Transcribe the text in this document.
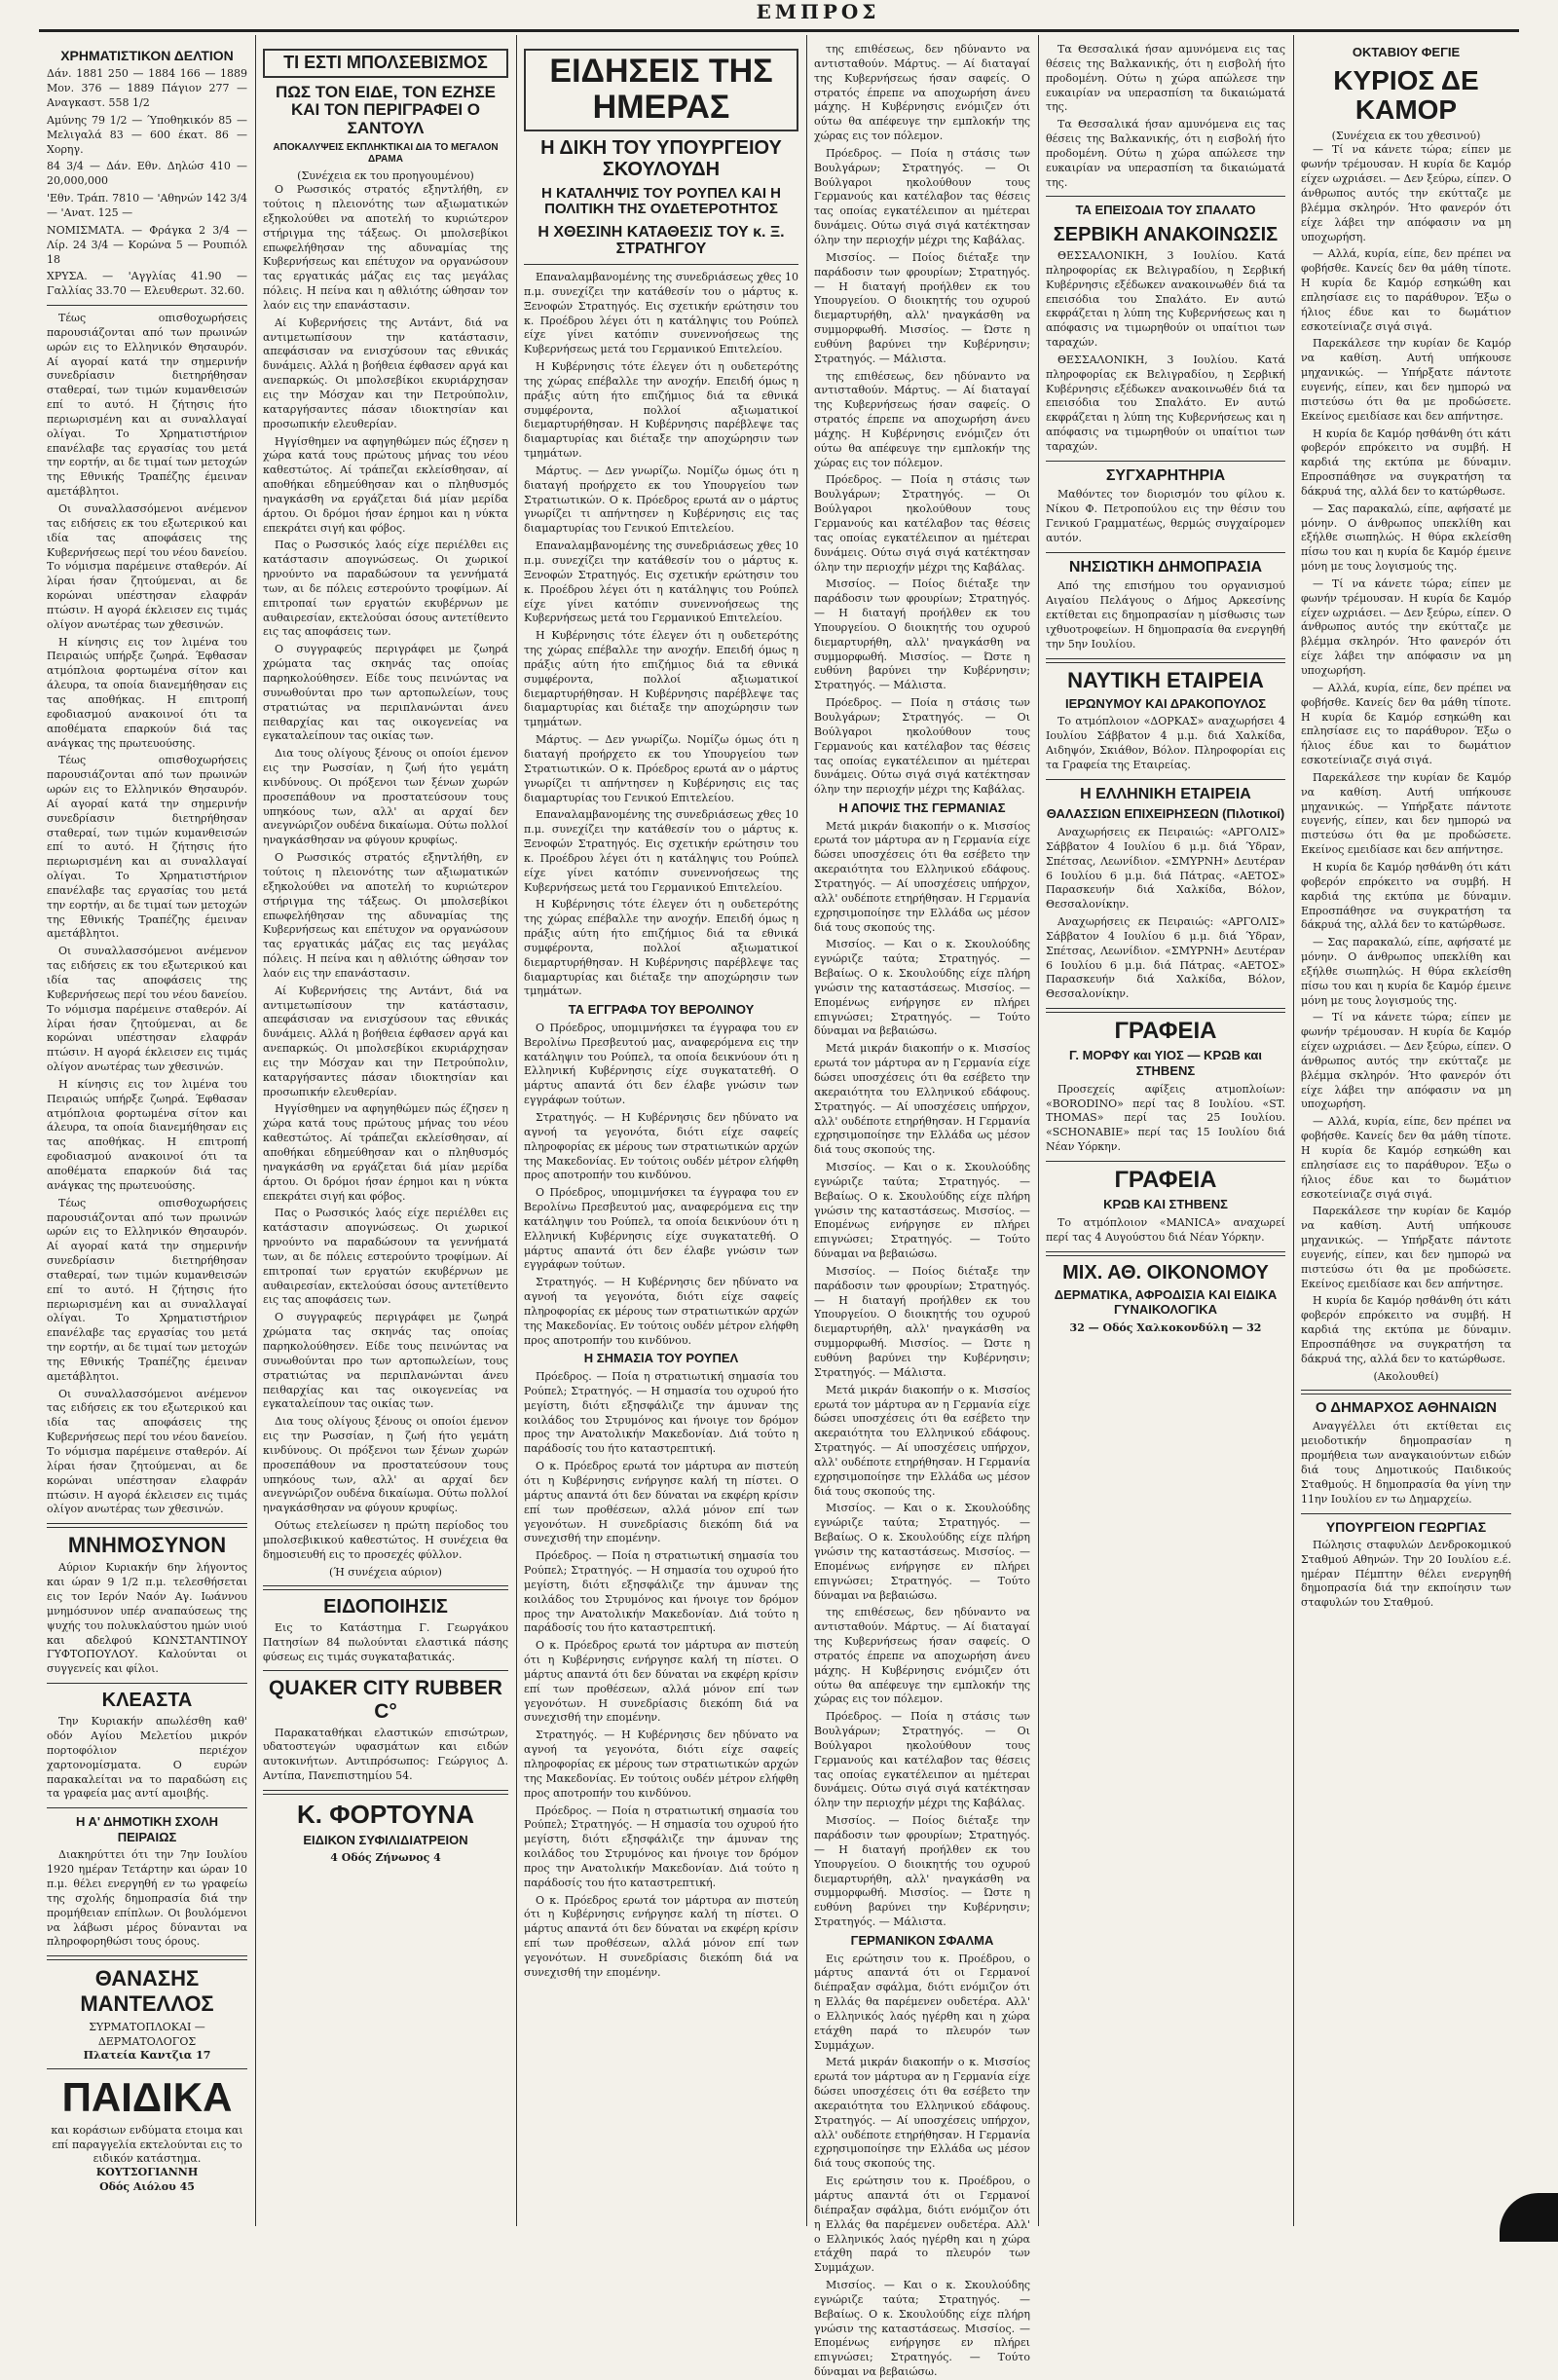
ΕΜΠΡΟΣ

ΧΡΗΜΑΤΙΣΤΙΚΟΝ ΔΕΛΤΙΟΝ

Δάν. 1881 250 — 1884 166 — 1889 Μον. 376 — 1889 Πάγιον 277 — Αναγκαστ. 558 1/2

Αμύνης 79 1/2 — Ύποθηκικόν 85 — Μελιγαλά 83 — 600 έκατ. 86 — Χορηγ.

84 3/4 — Δάν. Εθν. Δηλώσ 410 — 20,000,000

'Εθν. Τράπ. 7810 — 'Αθηνών 142 3/4 — 'Ανατ. 125 —

ΝΟΜΙΣΜΑΤΑ. — Φράγκα 2 3/4 — Λίρ. 24 3/4 — Κορώνα 5 — Ρουπιόλ 18

ΧΡΥΣΑ. — 'Αγγλίας 41.90 — Γαλλίας 33.70 — Ελευθερωτ. 32.60.

Τέως οπισθοχωρήσεις παρουσιάζονται από των πρωινών ωρών εις το Ελληνικόν Θησαυρόν. Αί αγοραί κατά την σημερινήν συνεδρίασιν διετηρήθησαν σταθεραί, των τιμών κυμανθεισών επί το αυτό. Η ζήτησις ήτο περιωρισμένη και αι συναλλαγαί ολίγαι. Το Χρηματιστήριον επανέλαβε τας εργασίας του μετά την εορτήν, αι δε τιμαί των μετοχών της Εθνικής Τραπέζης έμειναν αμετάβλητοι.

Οι συναλλασσόμενοι ανέμενον τας ειδήσεις εκ του εξωτερικού και ιδία τας αποφάσεις της Κυβερνήσεως περί του νέου δανείου. Το νόμισμα παρέμεινε σταθερόν. Αί λίραι ήσαν ζητούμεναι, αι δε κορώναι υπέστησαν ελαφράν πτώσιν. Η αγορά έκλεισεν εις τιμάς ολίγον ανωτέρας των χθεσινών.

Η κίνησις εις τον λιμένα του Πειραιώς υπήρξε ζωηρά. Έφθασαν ατμόπλοια φορτωμένα σίτον και άλευρα, τα οποία διανεμήθησαν εις τας αποθήκας. Η επιτροπή εφοδιασμού ανακοινοί ότι τα αποθέματα επαρκούν διά τας ανάγκας της πρωτευούσης.

Τέως οπισθοχωρήσεις παρουσιάζονται από των πρωινών ωρών εις το Ελληνικόν Θησαυρόν. Αί αγοραί κατά την σημερινήν συνεδρίασιν διετηρήθησαν σταθεραί, των τιμών κυμανθεισών επί το αυτό. Η ζήτησις ήτο περιωρισμένη και αι συναλλαγαί ολίγαι. Το Χρηματιστήριον επανέλαβε τας εργασίας του μετά την εορτήν, αι δε τιμαί των μετοχών της Εθνικής Τραπέζης έμειναν αμετάβλητοι.

Οι συναλλασσόμενοι ανέμενον τας ειδήσεις εκ του εξωτερικού και ιδία τας αποφάσεις της Κυβερνήσεως περί του νέου δανείου. Το νόμισμα παρέμεινε σταθερόν. Αί λίραι ήσαν ζητούμεναι, αι δε κορώναι υπέστησαν ελαφράν πτώσιν. Η αγορά έκλεισεν εις τιμάς ολίγον ανωτέρας των χθεσινών.

Η κίνησις εις τον λιμένα του Πειραιώς υπήρξε ζωηρά. Έφθασαν ατμόπλοια φορτωμένα σίτον και άλευρα, τα οποία διανεμήθησαν εις τας αποθήκας. Η επιτροπή εφοδιασμού ανακοινοί ότι τα αποθέματα επαρκούν διά τας ανάγκας της πρωτευούσης.

Τέως οπισθοχωρήσεις παρουσιάζονται από των πρωινών ωρών εις το Ελληνικόν Θησαυρόν. Αί αγοραί κατά την σημερινήν συνεδρίασιν διετηρήθησαν σταθεραί, των τιμών κυμανθεισών επί το αυτό. Η ζήτησις ήτο περιωρισμένη και αι συναλλαγαί ολίγαι. Το Χρηματιστήριον επανέλαβε τας εργασίας του μετά την εορτήν, αι δε τιμαί των μετοχών της Εθνικής Τραπέζης έμειναν αμετάβλητοι.

Οι συναλλασσόμενοι ανέμενον τας ειδήσεις εκ του εξωτερικού και ιδία τας αποφάσεις της Κυβερνήσεως περί του νέου δανείου. Το νόμισμα παρέμεινε σταθερόν. Αί λίραι ήσαν ζητούμεναι, αι δε κορώναι υπέστησαν ελαφράν πτώσιν. Η αγορά έκλεισεν εις τιμάς ολίγον ανωτέρας των χθεσινών.

ΜΝΗΜΟΣΥΝΟΝ

Αύριον Κυριακήν 6ην λήγοντος και ώραν 9 1/2 π.μ. τελεσθήσεται εις τον Ιερόν Ναόν Αγ. Ιωάννου μνημόσυνον υπέρ αναπαύσεως της ψυχής του πολυκλαύστου ημών υιού και αδελφού ΚΩΝΣΤΑΝΤΙΝΟΥ ΓΥΦΤΟΠΟΥΛΟΥ. Καλούνται οι συγγενείς και φίλοι.

ΚΛΕΑΣΤΑ

Την Κυριακήν απωλέσθη καθ' οδόν Αγίου Μελετίου μικρόν πορτοφόλιον περιέχον χαρτονομίσματα. Ο ευρών παρακαλείται να το παραδώση εις τα γραφεία μας αντί αμοιβής.

Η Α' ΔΗΜΟΤΙΚΗ ΣΧΟΛΗ ΠΕΙΡΑΙΩΣ

Διακηρύττει ότι την 7ην Ιουλίου 1920 ημέραν Τετάρτην και ώραν 10 π.μ. θέλει ενεργηθή εν τω γραφείω της σχολής δημοπρασία διά την προμήθειαν επίπλων. Οι βουλόμενοι να λάβωσι μέρος δύνανται να πληροφορηθώσι τους όρους.

ΘΑΝΑΣΗΣ ΜΑΝΤΕΛΛΟΣ

ΣΥΡΜΑΤΟΠΛΟΚΑΙ — ΔΕΡΜΑΤΟΛΟΓΟΣ

Πλατεία Καντζια 17

ΠΑΙΔΙΚΑ

και κοράσιων ενδύματα ετοιμα και επί παραγγελία εκτελούνται εις το ειδικόν κατάστημα.

ΚΟΥΤΣΟΓΙΑΝΝΗ

Οδός Αιόλου 45

ΤΙ ΕΣΤΙ ΜΠΟΛΣΕΒΙΣΜΟΣ

ΠΩΣ ΤΟΝ ΕΙΔΕ, ΤΟΝ ΕΖΗΣΕ ΚΑΙ ΤΟΝ ΠΕΡΙΓΡΑΦΕΙ Ο ΣΑΝΤΟΥΛ

ΑΠΟΚΑΛΥΨΕΙΣ ΕΚΠΛΗΚΤΙΚΑΙ ΔΙΑ ΤΟ ΜΕΓΑΛΟΝ ΔΡΑΜΑ

(Συνέχεια εκ του προηγουμένου)

Ο Ρωσσικός στρατός εξηντλήθη, εν τούτοις η πλειονότης των αξιωματικών εξηκολούθει να αποτελή το κυριώτερον στήριγμα της τάξεως. Οι μπολσεβίκοι επωφελήθησαν της αδυναμίας της Κυβερνήσεως και επέτυχον να οργανώσουν τας εργατικάς μάζας εις τας μεγάλας πόλεις. Η πείνα και η αθλιότης ώθησαν τον λαόν εις την επανάστασιν.

Αί Κυβερνήσεις της Αντάντ, διά να αντιμετωπίσουν την κατάστασιν, απεφάσισαν να ενισχύσουν τας εθνικάς δυνάμεις. Αλλά η βοήθεια έφθασεν αργά και ανεπαρκώς. Οι μπολσεβίκοι εκυριάρχησαν εις την Μόσχαν και την Πετρούπολιν, καταργήσαντες πάσαν ιδιοκτησίαν και προσωπικήν ελευθερίαν.

Ηγγίσθημεν να αφηγηθώμεν πώς έζησεν η χώρα κατά τους πρώτους μήνας του νέου καθεστώτος. Αί τράπεζαι εκλείσθησαν, αί αποθήκαι εδημεύθησαν και ο πληθυσμός ηναγκάσθη να εργάζεται διά μίαν μερίδα άρτου. Οι δρόμοι ήσαν έρημοι και η νύκτα επεκράτει σιγή και φόβος.

Πας ο Ρωσσικός λαός είχε περιέλθει εις κατάστασιν απογνώσεως. Οι χωρικοί ηρνούντο να παραδώσουν τα γεννήματά των, αι δε πόλεις εστερούντο τροφίμων. Αί επιτροπαί των εργατών εκυβέρνων με αυθαιρεσίαν, εκτελούσαι όσους αντετίθεντο εις τας αποφάσεις των.

Ο συγγραφεύς περιγράφει με ζωηρά χρώματα τας σκηνάς τας οποίας παρηκολούθησεν. Είδε τους πεινώντας να συνωθούνται προ των αρτοπωλείων, τους στρατιώτας να περιπλανώνται άνευ πειθαρχίας και τας οικογενείας να εγκαταλείπουν τας οικίας των.

Δια τους ολίγους ξένους οι οποίοι έμενον εις την Ρωσσίαν, η ζωή ήτο γεμάτη κινδύνους. Οι πρόξενοι των ξένων χωρών προσεπάθουν να προστατεύσουν τους υπηκόους των, αλλ' αι αρχαί δεν ανεγνώριζον ουδένα δικαίωμα. Ούτω πολλοί ηναγκάσθησαν να φύγουν κρυφίως.

Ο Ρωσσικός στρατός εξηντλήθη, εν τούτοις η πλειονότης των αξιωματικών εξηκολούθει να αποτελή το κυριώτερον στήριγμα της τάξεως. Οι μπολσεβίκοι επωφελήθησαν της αδυναμίας της Κυβερνήσεως και επέτυχον να οργανώσουν τας εργατικάς μάζας εις τας μεγάλας πόλεις. Η πείνα και η αθλιότης ώθησαν τον λαόν εις την επανάστασιν.

Αί Κυβερνήσεις της Αντάντ, διά να αντιμετωπίσουν την κατάστασιν, απεφάσισαν να ενισχύσουν τας εθνικάς δυνάμεις. Αλλά η βοήθεια έφθασεν αργά και ανεπαρκώς. Οι μπολσεβίκοι εκυριάρχησαν εις την Μόσχαν και την Πετρούπολιν, καταργήσαντες πάσαν ιδιοκτησίαν και προσωπικήν ελευθερίαν.

Ηγγίσθημεν να αφηγηθώμεν πώς έζησεν η χώρα κατά τους πρώτους μήνας του νέου καθεστώτος. Αί τράπεζαι εκλείσθησαν, αί αποθήκαι εδημεύθησαν και ο πληθυσμός ηναγκάσθη να εργάζεται διά μίαν μερίδα άρτου. Οι δρόμοι ήσαν έρημοι και η νύκτα επεκράτει σιγή και φόβος.

Πας ο Ρωσσικός λαός είχε περιέλθει εις κατάστασιν απογνώσεως. Οι χωρικοί ηρνούντο να παραδώσουν τα γεννήματά των, αι δε πόλεις εστερούντο τροφίμων. Αί επιτροπαί των εργατών εκυβέρνων με αυθαιρεσίαν, εκτελούσαι όσους αντετίθεντο εις τας αποφάσεις των.

Ο συγγραφεύς περιγράφει με ζωηρά χρώματα τας σκηνάς τας οποίας παρηκολούθησεν. Είδε τους πεινώντας να συνωθούνται προ των αρτοπωλείων, τους στρατιώτας να περιπλανώνται άνευ πειθαρχίας και τας οικογενείας να εγκαταλείπουν τας οικίας των.

Δια τους ολίγους ξένους οι οποίοι έμενον εις την Ρωσσίαν, η ζωή ήτο γεμάτη κινδύνους. Οι πρόξενοι των ξένων χωρών προσεπάθουν να προστατεύσουν τους υπηκόους των, αλλ' αι αρχαί δεν ανεγνώριζον ουδένα δικαίωμα. Ούτω πολλοί ηναγκάσθησαν να φύγουν κρυφίως.

Ούτως ετελείωσεν η πρώτη περίοδος του μπολσεβικικού καθεστώτος. Η συνέχεια θα δημοσιευθή εις το προσεχές φύλλον.

(Ή συνέχεια αύριον)

ΕΙΔΟΠΟΙΗΣΙΣ

Εις το Κατάστημα Γ. Γεωργάκου Πατησίων 84 πωλούνται ελαστικά πάσης φύσεως εις τιμάς συγκαταβατικάς.

QUAKER CITY RUBBER C°

Παρακαταθήκαι ελαστικών επισώτρων, υδατοστεγών υφασμάτων και ειδών αυτοκινήτων. Αντιπρόσωπος: Γεώργιος Δ. Αντίπα, Πανεπιστημίου 54.

Κ. ΦΟΡΤΟΥΝΑ

ΕΙΔΙΚΟΝ ΣΥΦΙΛΙΔΙΑΤΡΕΙΟΝ

4 Οδός Ζήνωνος 4

ΕΙΔΗΣΕΙΣ ΤΗΣ ΗΜΕΡΑΣ

Η ΔΙΚΗ ΤΟΥ ΥΠΟΥΡΓΕΙΟΥ ΣΚΟΥΛΟΥΔΗ

Η ΚΑΤΑΛΗΨΙΣ ΤΟΥ ΡΟΥΠΕΛ ΚΑΙ Η ΠΟΛΙΤΙΚΗ ΤΗΣ ΟΥΔΕΤΕΡΟΤΗΤΟΣ

Η ΧΘΕΣΙΝΗ ΚΑΤΑΘΕΣΙΣ ΤΟΥ κ. Ξ. ΣΤΡΑΤΗΓΟΥ

Επαναλαμβανομένης της συνεδριάσεως χθες 10 π.μ. συνεχίζει την κατάθεσίν του ο μάρτυς κ. Ξενοφών Στρατηγός. Εις σχετικήν ερώτησιν του κ. Προέδρου λέγει ότι η κατάληψις του Ρούπελ είχε γίνει κατόπιν συνεννοήσεως της Κυβερνήσεως μετά του Γερμανικού Επιτελείου.

Η Κυβέρνησις τότε έλεγεν ότι η ουδετερότης της χώρας επέβαλλε την ανοχήν. Επειδή όμως η πράξις αύτη ήτο επιζήμιος διά τα εθνικά συμφέροντα, πολλοί αξιωματικοί διεμαρτυρήθησαν. Η Κυβέρνησις παρέβλεψε τας διαμαρτυρίας και διέταξε την αποχώρησιν των τμημάτων.

Μάρτυς. — Δεν γνωρίζω. Νομίζω όμως ότι η διαταγή προήρχετο εκ του Υπουργείου των Στρατιωτικών. Ο κ. Πρόεδρος ερωτά αν ο μάρτυς γνωρίζει τι απήντησεν η Κυβέρνησις εις τας διαμαρτυρίας του Γενικού Επιτελείου.

Επαναλαμβανομένης της συνεδριάσεως χθες 10 π.μ. συνεχίζει την κατάθεσίν του ο μάρτυς κ. Ξενοφών Στρατηγός. Εις σχετικήν ερώτησιν του κ. Προέδρου λέγει ότι η κατάληψις του Ρούπελ είχε γίνει κατόπιν συνεννοήσεως της Κυβερνήσεως μετά του Γερμανικού Επιτελείου.

Η Κυβέρνησις τότε έλεγεν ότι η ουδετερότης της χώρας επέβαλλε την ανοχήν. Επειδή όμως η πράξις αύτη ήτο επιζήμιος διά τα εθνικά συμφέροντα, πολλοί αξιωματικοί διεμαρτυρήθησαν. Η Κυβέρνησις παρέβλεψε τας διαμαρτυρίας και διέταξε την αποχώρησιν των τμημάτων.

Μάρτυς. — Δεν γνωρίζω. Νομίζω όμως ότι η διαταγή προήρχετο εκ του Υπουργείου των Στρατιωτικών. Ο κ. Πρόεδρος ερωτά αν ο μάρτυς γνωρίζει τι απήντησεν η Κυβέρνησις εις τας διαμαρτυρίας του Γενικού Επιτελείου.

Επαναλαμβανομένης της συνεδριάσεως χθες 10 π.μ. συνεχίζει την κατάθεσίν του ο μάρτυς κ. Ξενοφών Στρατηγός. Εις σχετικήν ερώτησιν του κ. Προέδρου λέγει ότι η κατάληψις του Ρούπελ είχε γίνει κατόπιν συνεννοήσεως της Κυβερνήσεως μετά του Γερμανικού Επιτελείου.

Η Κυβέρνησις τότε έλεγεν ότι η ουδετερότης της χώρας επέβαλλε την ανοχήν. Επειδή όμως η πράξις αύτη ήτο επιζήμιος διά τα εθνικά συμφέροντα, πολλοί αξιωματικοί διεμαρτυρήθησαν. Η Κυβέρνησις παρέβλεψε τας διαμαρτυρίας και διέταξε την αποχώρησιν των τμημάτων.

ΤΑ ΕΓΓΡΑΦΑ ΤΟΥ ΒΕΡΟΛΙΝΟΥ

Ο Πρόεδρος, υπομιμνήσκει τα έγγραφα του εν Βερολίνω Πρεσβευτού μας, αναφερόμενα εις την κατάληψιν του Ρούπελ, τα οποία δεικνύουν ότι η Ελληνική Κυβέρνησις είχε συγκατατεθή. Ο μάρτυς απαντά ότι δεν έλαβε γνώσιν των εγγράφων τούτων.

Στρατηγός. — Η Κυβέρνησις δεν ηδύνατο να αγνοή τα γεγονότα, διότι είχε σαφείς πληροφορίας εκ μέρους των στρατιωτικών αρχών της Μακεδονίας. Εν τούτοις ουδέν μέτρον ελήφθη προς αποτροπήν του κινδύνου.

Ο Πρόεδρος, υπομιμνήσκει τα έγγραφα του εν Βερολίνω Πρεσβευτού μας, αναφερόμενα εις την κατάληψιν του Ρούπελ, τα οποία δεικνύουν ότι η Ελληνική Κυβέρνησις είχε συγκατατεθή. Ο μάρτυς απαντά ότι δεν έλαβε γνώσιν των εγγράφων τούτων.

Στρατηγός. — Η Κυβέρνησις δεν ηδύνατο να αγνοή τα γεγονότα, διότι είχε σαφείς πληροφορίας εκ μέρους των στρατιωτικών αρχών της Μακεδονίας. Εν τούτοις ουδέν μέτρον ελήφθη προς αποτροπήν του κινδύνου.

Η ΣΗΜΑΣΙΑ ΤΟΥ ΡΟΥΠΕΛ

Πρόεδρος. — Ποία η στρατιωτική σημασία του Ρούπελ; Στρατηγός. — Η σημασία του οχυρού ήτο μεγίστη, διότι εξησφάλιζε την άμυναν της κοιλάδος του Στρυμόνος και ήνοιγε τον δρόμον προς την Ανατολικήν Μακεδονίαν. Διά τούτο η παράδοσίς του ήτο καταστρεπτική.

Ο κ. Πρόεδρος ερωτά τον μάρτυρα αν πιστεύη ότι η Κυβέρνησις ενήργησε καλή τη πίστει. Ο μάρτυς απαντά ότι δεν δύναται να εκφέρη κρίσιν επί των προθέσεων, αλλά μόνον επί των γεγονότων. Η συνεδρίασις διεκόπη διά να συνεχισθή την επομένην.

Πρόεδρος. — Ποία η στρατιωτική σημασία του Ρούπελ; Στρατηγός. — Η σημασία του οχυρού ήτο μεγίστη, διότι εξησφάλιζε την άμυναν της κοιλάδος του Στρυμόνος και ήνοιγε τον δρόμον προς την Ανατολικήν Μακεδονίαν. Διά τούτο η παράδοσίς του ήτο καταστρεπτική.

Ο κ. Πρόεδρος ερωτά τον μάρτυρα αν πιστεύη ότι η Κυβέρνησις ενήργησε καλή τη πίστει. Ο μάρτυς απαντά ότι δεν δύναται να εκφέρη κρίσιν επί των προθέσεων, αλλά μόνον επί των γεγονότων. Η συνεδρίασις διεκόπη διά να συνεχισθή την επομένην.

Στρατηγός. — Η Κυβέρνησις δεν ηδύνατο να αγνοή τα γεγονότα, διότι είχε σαφείς πληροφορίας εκ μέρους των στρατιωτικών αρχών της Μακεδονίας. Εν τούτοις ουδέν μέτρον ελήφθη προς αποτροπήν του κινδύνου.

Πρόεδρος. — Ποία η στρατιωτική σημασία του Ρούπελ; Στρατηγός. — Η σημασία του οχυρού ήτο μεγίστη, διότι εξησφάλιζε την άμυναν της κοιλάδος του Στρυμόνος και ήνοιγε τον δρόμον προς την Ανατολικήν Μακεδονίαν. Διά τούτο η παράδοσίς του ήτο καταστρεπτική.

Ο κ. Πρόεδρος ερωτά τον μάρτυρα αν πιστεύη ότι η Κυβέρνησις ενήργησε καλή τη πίστει. Ο μάρτυς απαντά ότι δεν δύναται να εκφέρη κρίσιν επί των προθέσεων, αλλά μόνον επί των γεγονότων. Η συνεδρίασις διεκόπη διά να συνεχισθή την επομένην.

της επιθέσεως, δεν ηδύναντο να αντισταθούν. Μάρτυς. — Αί διαταγαί της Κυβερνήσεως ήσαν σαφείς. Ο στρατός έπρεπε να αποχωρήση άνευ μάχης. Η Κυβέρνησις ενόμιζεν ότι ούτω θα απέφευγε την εμπλοκήν της χώρας εις τον πόλεμον.

Πρόεδρος. — Ποία η στάσις των Βουλγάρων; Στρατηγός. — Οι Βούλγαροι ηκολούθουν τους Γερμανούς και κατέλαβον τας θέσεις τας οποίας εγκατέλειπον αι ημέτεραι δυνάμεις. Ούτω σιγά σιγά κατέκτησαν όλην την περιοχήν μέχρι της Καβάλας.

Μισσίος. — Ποίος διέταξε την παράδοσιν των φρουρίων; Στρατηγός. — Η διαταγή προήλθεν εκ του Υπουργείου. Ο διοικητής του οχυρού διεμαρτυρήθη, αλλ' ηναγκάσθη να συμμορφωθή. Μισσίος. — Ώστε η ευθύνη βαρύνει την Κυβέρνησιν; Στρατηγός. — Μάλιστα.

της επιθέσεως, δεν ηδύναντο να αντισταθούν. Μάρτυς. — Αί διαταγαί της Κυβερνήσεως ήσαν σαφείς. Ο στρατός έπρεπε να αποχωρήση άνευ μάχης. Η Κυβέρνησις ενόμιζεν ότι ούτω θα απέφευγε την εμπλοκήν της χώρας εις τον πόλεμον.

Πρόεδρος. — Ποία η στάσις των Βουλγάρων; Στρατηγός. — Οι Βούλγαροι ηκολούθουν τους Γερμανούς και κατέλαβον τας θέσεις τας οποίας εγκατέλειπον αι ημέτεραι δυνάμεις. Ούτω σιγά σιγά κατέκτησαν όλην την περιοχήν μέχρι της Καβάλας.

Μισσίος. — Ποίος διέταξε την παράδοσιν των φρουρίων; Στρατηγός. — Η διαταγή προήλθεν εκ του Υπουργείου. Ο διοικητής του οχυρού διεμαρτυρήθη, αλλ' ηναγκάσθη να συμμορφωθή. Μισσίος. — Ώστε η ευθύνη βαρύνει την Κυβέρνησιν; Στρατηγός. — Μάλιστα.

Πρόεδρος. — Ποία η στάσις των Βουλγάρων; Στρατηγός. — Οι Βούλγαροι ηκολούθουν τους Γερμανούς και κατέλαβον τας θέσεις τας οποίας εγκατέλειπον αι ημέτεραι δυνάμεις. Ούτω σιγά σιγά κατέκτησαν όλην την περιοχήν μέχρι της Καβάλας.

Η ΑΠΟΨΙΣ ΤΗΣ ΓΕΡΜΑΝΙΑΣ

Μετά μικράν διακοπήν ο κ. Μισσίος ερωτά τον μάρτυρα αν η Γερμανία είχε δώσει υποσχέσεις ότι θα εσέβετο την ακεραιότητα του Ελληνικού εδάφους. Στρατηγός. — Αί υποσχέσεις υπήρχον, αλλ' ουδέποτε ετηρήθησαν. Η Γερμανία εχρησιμοποίησε την Ελλάδα ως μέσον διά τους σκοπούς της.

Μισσίος. — Και ο κ. Σκουλούδης εγνώριζε ταύτα; Στρατηγός. — Βεβαίως. Ο κ. Σκουλούδης είχε πλήρη γνώσιν της καταστάσεως. Μισσίος. — Επομένως ενήργησε εν πλήρει επιγνώσει; Στρατηγός. — Τούτο δύναμαι να βεβαιώσω.

Μετά μικράν διακοπήν ο κ. Μισσίος ερωτά τον μάρτυρα αν η Γερμανία είχε δώσει υποσχέσεις ότι θα εσέβετο την ακεραιότητα του Ελληνικού εδάφους. Στρατηγός. — Αί υποσχέσεις υπήρχον, αλλ' ουδέποτε ετηρήθησαν. Η Γερμανία εχρησιμοποίησε την Ελλάδα ως μέσον διά τους σκοπούς της.

Μισσίος. — Και ο κ. Σκουλούδης εγνώριζε ταύτα; Στρατηγός. — Βεβαίως. Ο κ. Σκουλούδης είχε πλήρη γνώσιν της καταστάσεως. Μισσίος. — Επομένως ενήργησε εν πλήρει επιγνώσει; Στρατηγός. — Τούτο δύναμαι να βεβαιώσω.

Μισσίος. — Ποίος διέταξε την παράδοσιν των φρουρίων; Στρατηγός. — Η διαταγή προήλθεν εκ του Υπουργείου. Ο διοικητής του οχυρού διεμαρτυρήθη, αλλ' ηναγκάσθη να συμμορφωθή. Μισσίος. — Ώστε η ευθύνη βαρύνει την Κυβέρνησιν; Στρατηγός. — Μάλιστα.

Μετά μικράν διακοπήν ο κ. Μισσίος ερωτά τον μάρτυρα αν η Γερμανία είχε δώσει υποσχέσεις ότι θα εσέβετο την ακεραιότητα του Ελληνικού εδάφους. Στρατηγός. — Αί υποσχέσεις υπήρχον, αλλ' ουδέποτε ετηρήθησαν. Η Γερμανία εχρησιμοποίησε την Ελλάδα ως μέσον διά τους σκοπούς της.

Μισσίος. — Και ο κ. Σκουλούδης εγνώριζε ταύτα; Στρατηγός. — Βεβαίως. Ο κ. Σκουλούδης είχε πλήρη γνώσιν της καταστάσεως. Μισσίος. — Επομένως ενήργησε εν πλήρει επιγνώσει; Στρατηγός. — Τούτο δύναμαι να βεβαιώσω.

της επιθέσεως, δεν ηδύναντο να αντισταθούν. Μάρτυς. — Αί διαταγαί της Κυβερνήσεως ήσαν σαφείς. Ο στρατός έπρεπε να αποχωρήση άνευ μάχης. Η Κυβέρνησις ενόμιζεν ότι ούτω θα απέφευγε την εμπλοκήν της χώρας εις τον πόλεμον.

Πρόεδρος. — Ποία η στάσις των Βουλγάρων; Στρατηγός. — Οι Βούλγαροι ηκολούθουν τους Γερμανούς και κατέλαβον τας θέσεις τας οποίας εγκατέλειπον αι ημέτεραι δυνάμεις. Ούτω σιγά σιγά κατέκτησαν όλην την περιοχήν μέχρι της Καβάλας.

Μισσίος. — Ποίος διέταξε την παράδοσιν των φρουρίων; Στρατηγός. — Η διαταγή προήλθεν εκ του Υπουργείου. Ο διοικητής του οχυρού διεμαρτυρήθη, αλλ' ηναγκάσθη να συμμορφωθή. Μισσίος. — Ώστε η ευθύνη βαρύνει την Κυβέρνησιν; Στρατηγός. — Μάλιστα.

ΓΕΡΜΑΝΙΚΟΝ ΣΦΑΛΜΑ

Εις ερώτησιν του κ. Προέδρου, ο μάρτυς απαντά ότι οι Γερμανοί διέπραξαν σφάλμα, διότι ενόμιζον ότι η Ελλάς θα παρέμενεν ουδετέρα. Αλλ' ο Ελληνικός λαός ηγέρθη και η χώρα ετάχθη παρά το πλευρόν των Συμμάχων.

Μετά μικράν διακοπήν ο κ. Μισσίος ερωτά τον μάρτυρα αν η Γερμανία είχε δώσει υποσχέσεις ότι θα εσέβετο την ακεραιότητα του Ελληνικού εδάφους. Στρατηγός. — Αί υποσχέσεις υπήρχον, αλλ' ουδέποτε ετηρήθησαν. Η Γερμανία εχρησιμοποίησε την Ελλάδα ως μέσον διά τους σκοπούς της.

Εις ερώτησιν του κ. Προέδρου, ο μάρτυς απαντά ότι οι Γερμανοί διέπραξαν σφάλμα, διότι ενόμιζον ότι η Ελλάς θα παρέμενεν ουδετέρα. Αλλ' ο Ελληνικός λαός ηγέρθη και η χώρα ετάχθη παρά το πλευρόν των Συμμάχων.

Μισσίος. — Και ο κ. Σκουλούδης εγνώριζε ταύτα; Στρατηγός. — Βεβαίως. Ο κ. Σκουλούδης είχε πλήρη γνώσιν της καταστάσεως. Μισσίος. — Επομένως ενήργησε εν πλήρει επιγνώσει; Στρατηγός. — Τούτο δύναμαι να βεβαιώσω.

Τα Θεσσαλικά ήσαν αμυνόμενα εις τας θέσεις της Βαλκανικής, ότι η εισβολή ήτο προδομένη. Ούτω η χώρα απώλεσε την ευκαιρίαν να υπερασπίση τα δικαιώματά της.

Τα Θεσσαλικά ήσαν αμυνόμενα εις τας θέσεις της Βαλκανικής, ότι η εισβολή ήτο προδομένη. Ούτω η χώρα απώλεσε την ευκαιρίαν να υπερασπίση τα δικαιώματά της.

ΤΑ ΕΠΕΙΣΟΔΙΑ ΤΟΥ ΣΠΑΛΑΤΟ

ΣΕΡΒΙΚΗ ΑΝΑΚΟΙΝΩΣΙΣ

ΘΕΣΣΑΛΟΝΙΚΗ, 3 Ιουλίου. Κατά πληροφορίας εκ Βελιγραδίου, η Σερβική Κυβέρνησις εξέδωκεν ανακοινωθέν διά τα επεισόδια του Σπαλάτο. Εν αυτώ εκφράζεται η λύπη της Κυβερνήσεως και η απόφασις να τιμωρηθούν οι υπαίτιοι των ταραχών.

ΘΕΣΣΑΛΟΝΙΚΗ, 3 Ιουλίου. Κατά πληροφορίας εκ Βελιγραδίου, η Σερβική Κυβέρνησις εξέδωκεν ανακοινωθέν διά τα επεισόδια του Σπαλάτο. Εν αυτώ εκφράζεται η λύπη της Κυβερνήσεως και η απόφασις να τιμωρηθούν οι υπαίτιοι των ταραχών.

ΣΥΓΧΑΡΗΤΗΡΙΑ

Μαθόντες τον διορισμόν του φίλου κ. Νίκου Φ. Πετροπούλου εις την θέσιν του Γενικού Γραμματέως, θερμώς συγχαίρομεν αυτόν.

ΝΗΣΙΩΤΙΚΗ ΔΗΜΟΠΡΑΣΙΑ

Από της επισήμου του οργανισμού Αιγαίου Πελάγους ο Δήμος Αρκεσίνης εκτίθεται εις δημοπρασίαν η μίσθωσις των ιχθυοτροφείων. Η δημοπρασία θα ενεργηθή την 5ην Ιουλίου.

ΝΑΥΤΙΚΗ ΕΤΑΙΡΕΙΑ

ΙΕΡΩΝΥΜΟΥ ΚΑΙ ΔΡΑΚΟΠΟΥΛΟΣ

Το ατμόπλοιον «ΔΟΡΚΑΣ» αναχωρήσει 4 Ιουλίου Σάββατον 4 μ.μ. διά Χαλκίδα, Αιδηψόν, Σκιάθον, Βόλον. Πληροφορίαι εις τα Γραφεία της Εταιρείας.

Η ΕΛΛΗΝΙΚΗ ΕΤΑΙΡΕΙΑ

ΘΑΛΑΣΣΙΩΝ ΕΠΙΧΕΙΡΗΣΕΩΝ (Πιλοτικοί)

Αναχωρήσεις εκ Πειραιώς: «ΑΡΓΟΛΙΣ» Σάββατον 4 Ιουλίου 6 μ.μ. διά Ύδραν, Σπέτσας, Λεωνίδιον. «ΣΜΥΡΝΗ» Δευτέραν 6 Ιουλίου 6 μ.μ. διά Πάτρας. «ΑΕΤΟΣ» Παρασκευήν διά Χαλκίδα, Βόλον, Θεσσαλονίκην.

Αναχωρήσεις εκ Πειραιώς: «ΑΡΓΟΛΙΣ» Σάββατον 4 Ιουλίου 6 μ.μ. διά Ύδραν, Σπέτσας, Λεωνίδιον. «ΣΜΥΡΝΗ» Δευτέραν 6 Ιουλίου 6 μ.μ. διά Πάτρας. «ΑΕΤΟΣ» Παρασκευήν διά Χαλκίδα, Βόλον, Θεσσαλονίκην.

ΓΡΑΦΕΙΑ

Γ. ΜΟΡΦΥ και ΥΙΟΣ — ΚΡΩΒ και ΣΤΗΒΕΝΣ

Προσεχείς αφίξεις ατμοπλοίων: «BORODINO» περί τας 8 Ιουλίου. «ST. THOMAS» περί τας 25 Ιουλίου. «SCHONABIE» περί τας 15 Ιουλίου διά Νέαν Υόρκην.

ΓΡΑΦΕΙΑ

ΚΡΩΒ ΚΑΙ ΣΤΗΒΕΝΣ

Το ατμόπλοιον «MANICA» αναχωρεί περί τας 4 Αυγούστου διά Νέαν Υόρκην.

ΜΙΧ. ΑΘ. ΟΙΚΟΝΟΜΟΥ

ΔΕΡΜΑΤΙΚΑ, ΑΦΡΟΔΙΣΙΑ ΚΑΙ ΕΙΔΙΚΑ ΓΥΝΑΙΚΟΛΟΓΙΚΑ

32 — Οδός Χαλκοκονδύλη — 32

ΟΚΤΑΒΙΟΥ ΦΕΓΙΕ

ΚΥΡΙΟΣ ΔΕ ΚΑΜΟΡ

(Συνέχεια εκ του χθεσινού)

— Τί να κάνετε τώρα; είπεν με φωνήν τρέμουσαν. Η κυρία δε Καμόρ είχεν ωχριάσει. — Δεν ξεύρω, είπεν. Ο άνθρωπος αυτός την εκύτταζε με βλέμμα σκληρόν. Ήτο φανερόν ότι είχε λάβει την απόφασιν να μη υποχωρήση.

— Αλλά, κυρία, είπε, δεν πρέπει να φοβήσθε. Κανείς δεν θα μάθη τίποτε. Η κυρία δε Καμόρ εσηκώθη και επλησίασε εις το παράθυρον. Έξω ο ήλιος έδυε και το δωμάτιον εσκοτείνιαζε σιγά σιγά.

Παρεκάλεσε την κυρίαν δε Καμόρ να καθίση. Αυτή υπήκουσε μηχανικώς. — Υπήρξατε πάντοτε ευγενής, είπεν, και δεν ημπορώ να πιστεύσω ότι θα με προδώσετε. Εκείνος εμειδίασε και δεν απήντησε.

Η κυρία δε Καμόρ ησθάνθη ότι κάτι φοβερόν επρόκειτο να συμβή. Η καρδιά της εκτύπα με δύναμιν. Επροσπάθησε να συγκρατήση τα δάκρυά της, αλλά δεν το κατώρθωσε.

— Σας παρακαλώ, είπε, αφήσατέ με μόνην. Ο άνθρωπος υπεκλίθη και εξήλθε σιωπηλώς. Η θύρα εκλείσθη πίσω του και η κυρία δε Καμόρ έμεινε μόνη με τους λογισμούς της.

— Τί να κάνετε τώρα; είπεν με φωνήν τρέμουσαν. Η κυρία δε Καμόρ είχεν ωχριάσει. — Δεν ξεύρω, είπεν. Ο άνθρωπος αυτός την εκύτταζε με βλέμμα σκληρόν. Ήτο φανερόν ότι είχε λάβει την απόφασιν να μη υποχωρήση.

— Αλλά, κυρία, είπε, δεν πρέπει να φοβήσθε. Κανείς δεν θα μάθη τίποτε. Η κυρία δε Καμόρ εσηκώθη και επλησίασε εις το παράθυρον. Έξω ο ήλιος έδυε και το δωμάτιον εσκοτείνιαζε σιγά σιγά.

Παρεκάλεσε την κυρίαν δε Καμόρ να καθίση. Αυτή υπήκουσε μηχανικώς. — Υπήρξατε πάντοτε ευγενής, είπεν, και δεν ημπορώ να πιστεύσω ότι θα με προδώσετε. Εκείνος εμειδίασε και δεν απήντησε.

Η κυρία δε Καμόρ ησθάνθη ότι κάτι φοβερόν επρόκειτο να συμβή. Η καρδιά της εκτύπα με δύναμιν. Επροσπάθησε να συγκρατήση τα δάκρυά της, αλλά δεν το κατώρθωσε.

— Σας παρακαλώ, είπε, αφήσατέ με μόνην. Ο άνθρωπος υπεκλίθη και εξήλθε σιωπηλώς. Η θύρα εκλείσθη πίσω του και η κυρία δε Καμόρ έμεινε μόνη με τους λογισμούς της.

— Τί να κάνετε τώρα; είπεν με φωνήν τρέμουσαν. Η κυρία δε Καμόρ είχεν ωχριάσει. — Δεν ξεύρω, είπεν. Ο άνθρωπος αυτός την εκύτταζε με βλέμμα σκληρόν. Ήτο φανερόν ότι είχε λάβει την απόφασιν να μη υποχωρήση.

— Αλλά, κυρία, είπε, δεν πρέπει να φοβήσθε. Κανείς δεν θα μάθη τίποτε. Η κυρία δε Καμόρ εσηκώθη και επλησίασε εις το παράθυρον. Έξω ο ήλιος έδυε και το δωμάτιον εσκοτείνιαζε σιγά σιγά.

Παρεκάλεσε την κυρίαν δε Καμόρ να καθίση. Αυτή υπήκουσε μηχανικώς. — Υπήρξατε πάντοτε ευγενής, είπεν, και δεν ημπορώ να πιστεύσω ότι θα με προδώσετε. Εκείνος εμειδίασε και δεν απήντησε.

Η κυρία δε Καμόρ ησθάνθη ότι κάτι φοβερόν επρόκειτο να συμβή. Η καρδιά της εκτύπα με δύναμιν. Επροσπάθησε να συγκρατήση τα δάκρυά της, αλλά δεν το κατώρθωσε.

(Ακολουθεί)

Ο ΔΗΜΑΡΧΟΣ ΑΘΗΝΑΙΩΝ

Αναγγέλλει ότι εκτίθεται εις μειοδοτικήν δημοπρασίαν η προμήθεια των αναγκαιούντων ειδών διά τους Δημοτικούς Παιδικούς Σταθμούς. Η δημοπρασία θα γίνη την 11ην Ιουλίου εν τω Δημαρχείω.

ΥΠΟΥΡΓΕΙΟΝ ΓΕΩΡΓΙΑΣ

Πώλησις σταφυλών Δενδροκομικού Σταθμού Αθηνών. Την 20 Ιουλίου ε.έ. ημέραν Πέμπτην θέλει ενεργηθή δημοπρασία διά την εκποίησιν των σταφυλών του Σταθμού.
